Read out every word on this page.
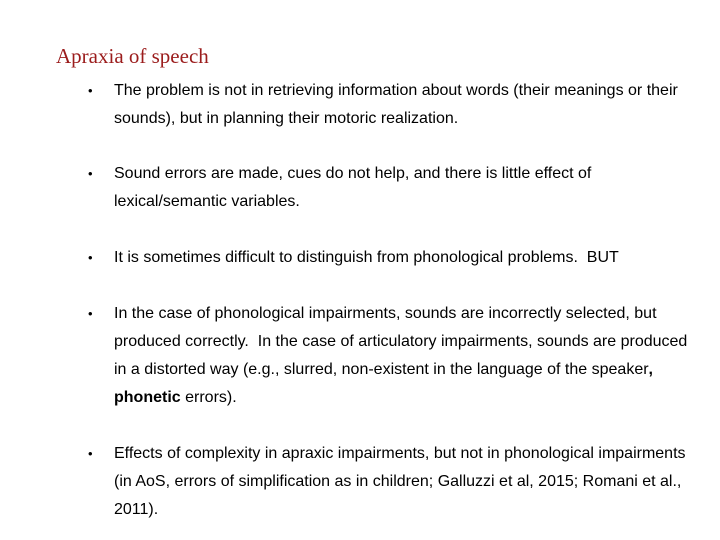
Apraxia of speech
• The problem is not in retrieving information about words (their meanings or their sounds), but in planning their motoric realization.
• Sound errors are made, cues do not help, and there is little effect of lexical/semantic variables.
• It is sometimes difficult to distinguish from phonological problems.  BUT
• In the case of phonological impairments, sounds are incorrectly selected, but produced correctly.  In the case of articulatory impairments, sounds are produced in a distorted way (e.g., slurred, non-existent in the language of the speaker, phonetic errors).
• Effects of complexity in apraxic impairments, but not in phonological impairments (in AoS, errors of simplification as in children; Galluzzi et al, 2015; Romani et al., 2011).
